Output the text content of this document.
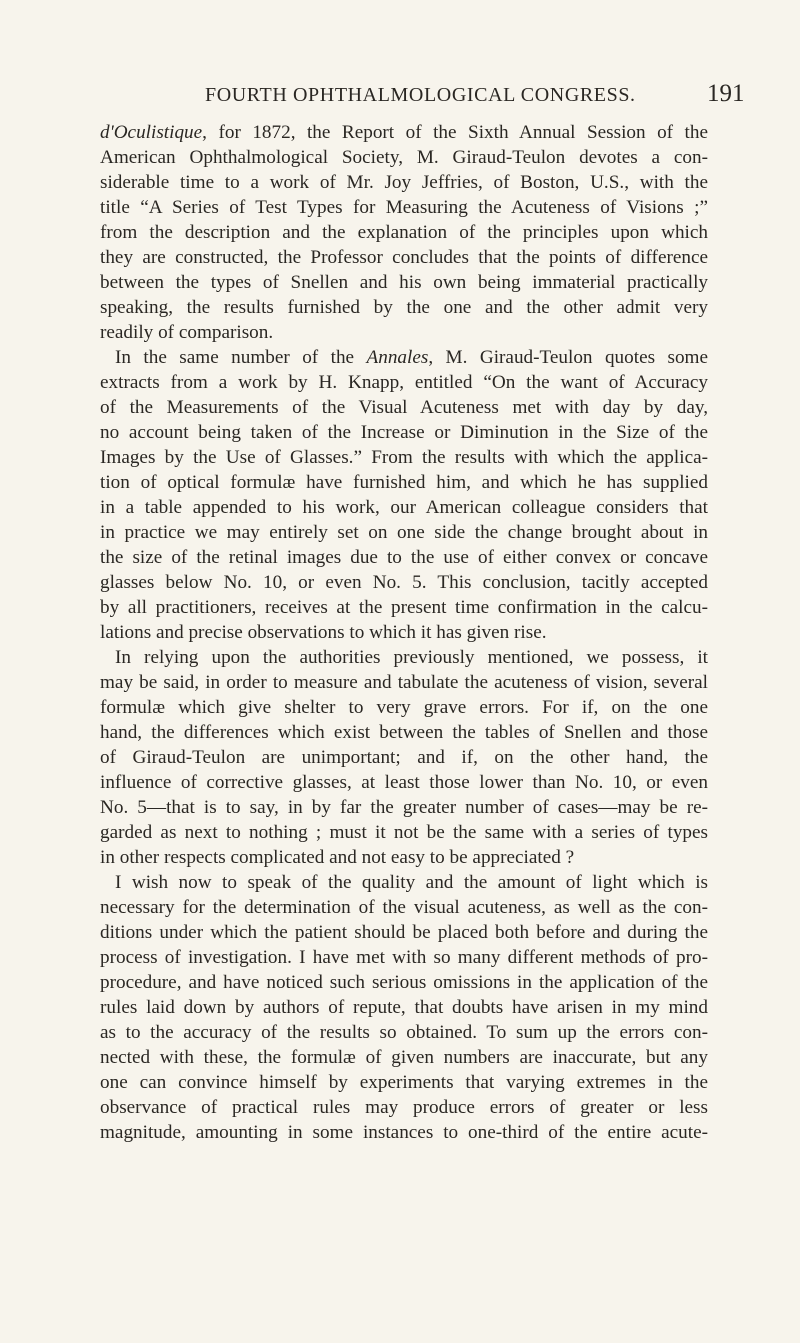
FOURTH OPHTHALMOLOGICAL CONGRESS.	191
d'Oculistique, for 1872, the Report of the Sixth Annual Session of the
American Ophthalmological Society, M. Giraud-Teulon devotes a con-
siderable time to a work of Mr. Joy Jeffries, of Boston, U.S., with the
title “A Series of Test Types for Measuring the Acuteness of Visions ;”
from the description and the explanation of the principles upon which
they are constructed, the Professor concludes that the points of difference
between the types of Snellen and his own being immaterial practically
speaking, the results furnished by the one and the other admit very
readily of comparison.
In the same number of the Annales, M. Giraud-Teulon quotes some
extracts from a work by H. Knapp, entitled “On the want of Accuracy
of the Measurements of the Visual Acuteness met with day by day,
no account being taken of the Increase or Diminution in the Size of the
Images by the Use of Glasses.” From the results with which the applica-
tion of optical formulæ have furnished him, and which he has supplied
in a table appended to his work, our American colleague considers that
in practice we may entirely set on one side the change brought about in
the size of the retinal images due to the use of either convex or concave
glasses below No. 10, or even No. 5. This conclusion, tacitly accepted
by all practitioners, receives at the present time confirmation in the calcu-
lations and precise observations to which it has given rise.
In relying upon the authorities previously mentioned, we possess, it
may be said, in order to measure and tabulate the acuteness of vision, several
formulæ which give shelter to very grave errors. For if, on the one
hand, the differences which exist between the tables of Snellen and those
of Giraud-Teulon are unimportant; and if, on the other hand, the
influence of corrective glasses, at least those lower than No. 10, or even
No. 5—that is to say, in by far the greater number of cases—may be re-
garded as next to nothing ; must it not be the same with a series of types
in other respects complicated and not easy to be appreciated ?
I wish now to speak of the quality and the amount of light which is
necessary for the determination of the visual acuteness, as well as the con-
ditions under which the patient should be placed both before and during the
process of investigation. I have met with so many different methods of pro-
procedure, and have noticed such serious omissions in the application of the
rules laid down by authors of repute, that doubts have arisen in my mind
as to the accuracy of the results so obtained. To sum up the errors con-
nected with these, the formulæ of given numbers are inaccurate, but any
one can convince himself by experiments that varying extremes in the
observance of practical rules may produce errors of greater or less
magnitude, amounting in some instances to one-third of the entire acute-
